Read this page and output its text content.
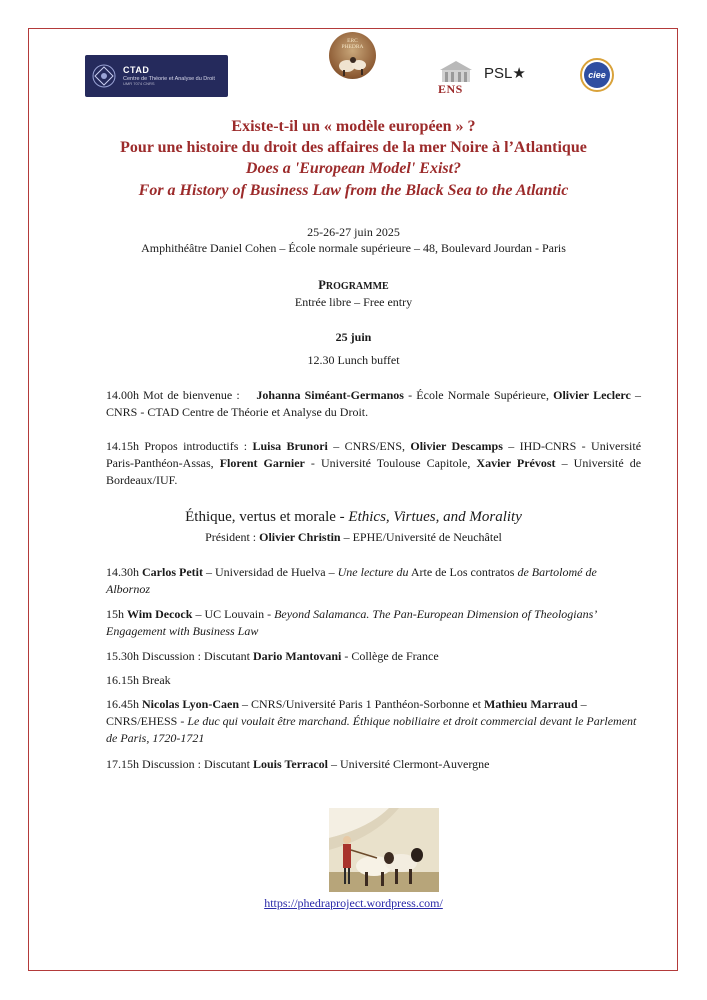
CTAD
Centre de Théorie et Analyse du Droit
UMR 7074 CNRS
ERC
PHEDRA
ENS
PSL★	ciee
Existe-t-il un « modèle européen » ?
Pour une histoire du droit des affaires de la mer Noire à l’Atlantique
Does a 'European Model' Exist?
For a History of Business Law from the Black Sea to the Atlantic
25-26-27 juin 2025
Amphithéâtre Daniel Cohen – École normale supérieure – 48, Boulevard Jourdan - Paris
PROGRAMME
Entrée libre – Free entry
25 juin
12.30 Lunch buffet
14.00h Mot de bienvenue : Johanna Siméant-Germanos - École Normale Supérieure, Olivier Leclerc – CNRS - CTAD Centre de Théorie et Analyse du Droit.
14.15h Propos introductifs : Luisa Brunori – CNRS/ENS, Olivier Descamps – IHD-CNRS - Université Paris-Panthéon-Assas, Florent Garnier - Université Toulouse Capitole, Xavier Prévost – Université de Bordeaux/IUF.
Éthique, vertus et morale - Ethics, Virtues, and Morality
Président : Olivier Christin – EPHE/Université de Neuchâtel
14.30h Carlos Petit – Universidad de Huelva – Une lecture du Arte de Los contratos de Bartolomé de Albornoz
15h Wim Decock – UC Louvain - Beyond Salamanca. The Pan-European Dimension of Theologians’ Engagement with Business Law
15.30h Discussion : Discutant Dario Mantovani - Collège de France
16.15h Break
16.45h Nicolas Lyon-Caen – CNRS/Université Paris 1 Panthéon-Sorbonne et Mathieu Marraud – CNRS/EHESS - Le duc qui voulait être marchand. Éthique nobiliaire et droit commercial devant le Parlement de Paris, 1720-1721
17.15h Discussion : Discutant Louis Terracol – Université Clermont-Auvergne
https://phedraproject.wordpress.com/
